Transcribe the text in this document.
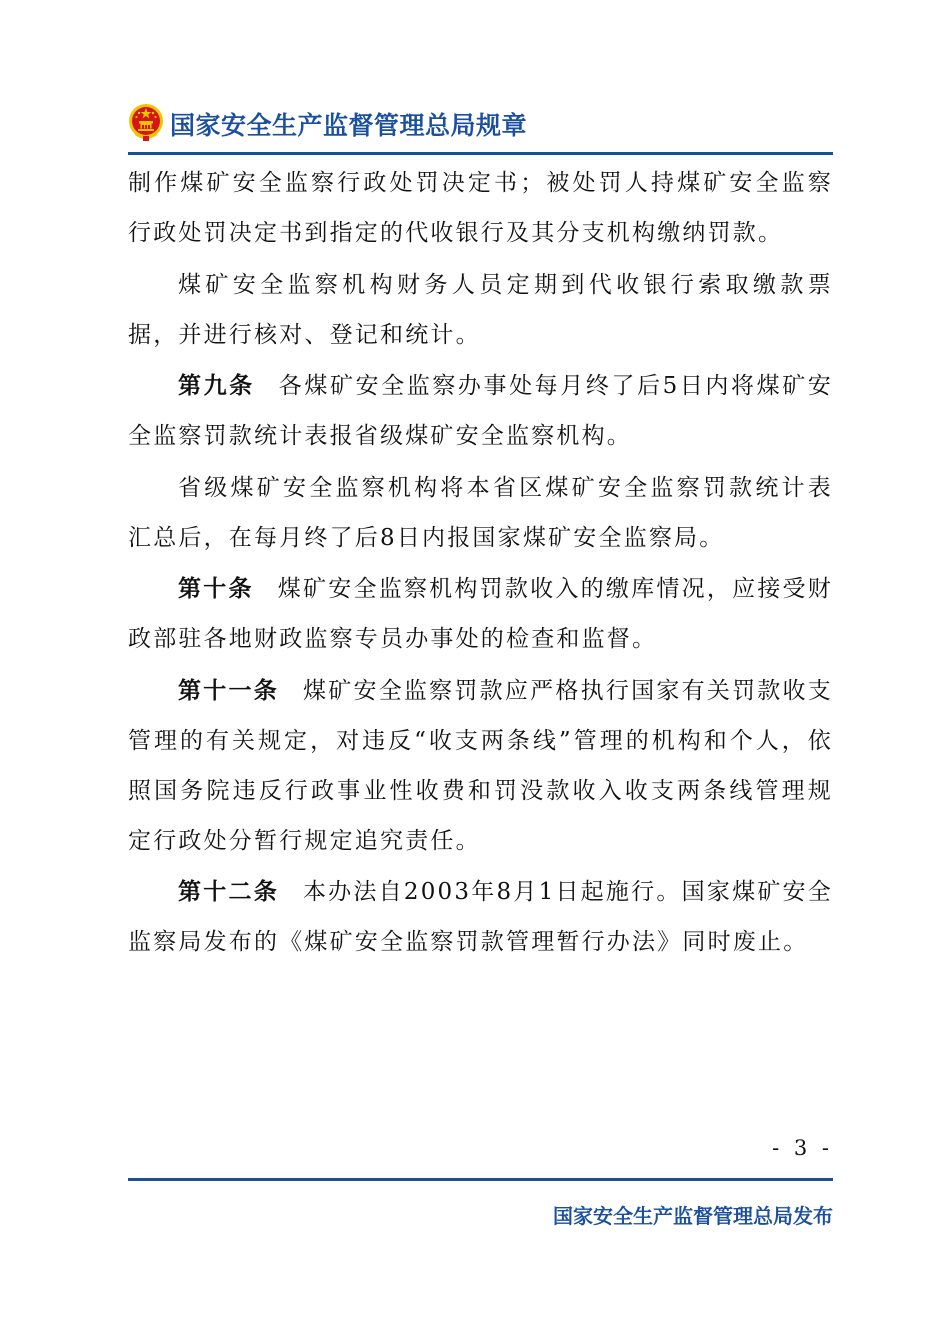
国家安全生产监督管理总局规章

制作煤矿安全监察行政处罚决定书；被处罚人持煤矿安全监察行政处罚决定书到指定的代收银行及其分支机构缴纳罚款。

煤矿安全监察机构财务人员定期到代收银行索取缴款票据，并进行核对、登记和统计。

第九条 各煤矿安全监察办事处每月终了后5日内将煤矿安全监察罚款统计表报省级煤矿安全监察机构。

省级煤矿安全监察机构将本省区煤矿安全监察罚款统计表汇总后，在每月终了后8日内报国家煤矿安全监察局。

第十条 煤矿安全监察机构罚款收入的缴库情况，应接受财政部驻各地财政监察专员办事处的检查和监督。

第十一条 煤矿安全监察罚款应严格执行国家有关罚款收支管理的有关规定，对违反“收支两条线”管理的机构和个人，依照国务院违反行政事业性收费和罚没款收入收支两条线管理规定行政处分暂行规定追究责任。

第十二条 本办法自2003年8月1日起施行。国家煤矿安全监察局发布的《煤矿安全监察罚款管理暂行办法》同时废止。

- 3 -
国家安全生产监督管理总局发布
